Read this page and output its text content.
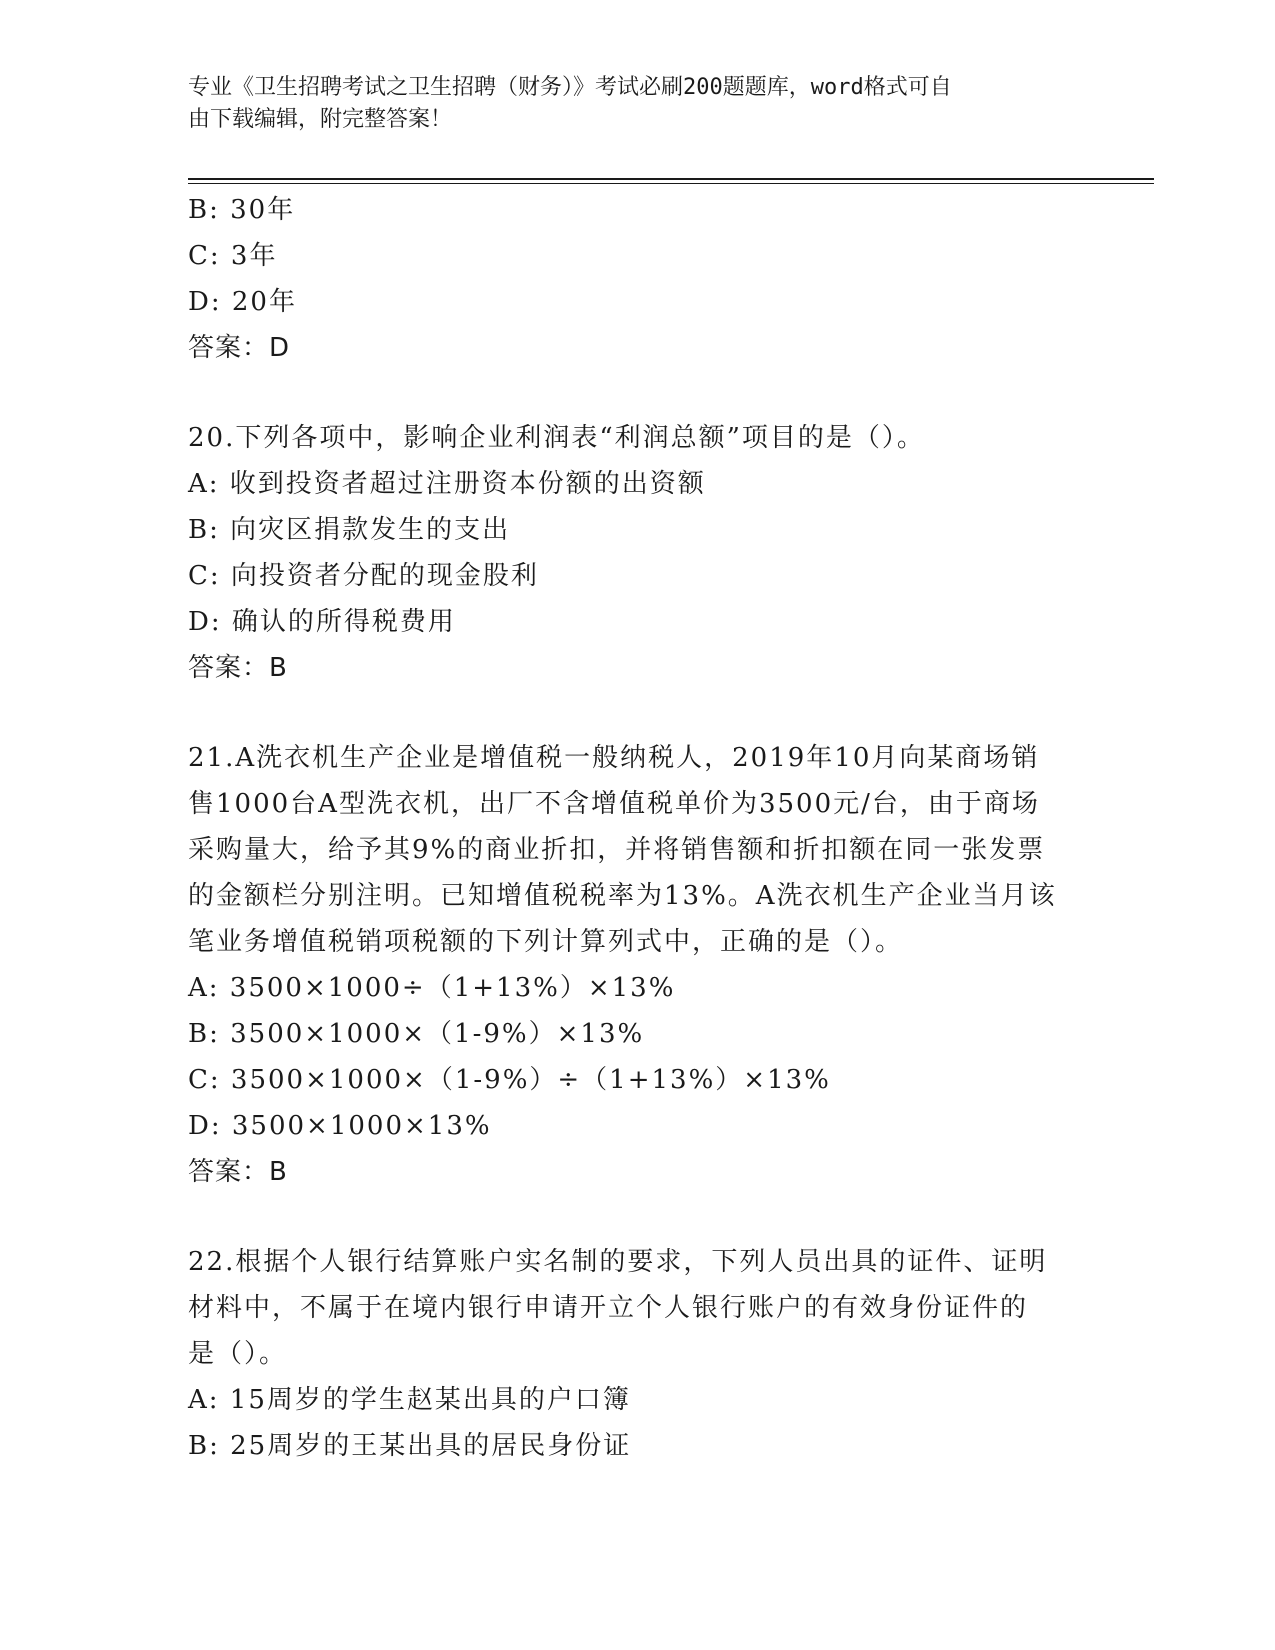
专业《卫生招聘考试之卫生招聘（财务）》考试必刷200题题库，word格式可自
由下载编辑，附完整答案！
B: 30年
C: 3年
D: 20年
答案：D
20.下列各项中，影响企业利润表“利润总额”项目的是（）。
A: 收到投资者超过注册资本份额的出资额
B: 向灾区捐款发生的支出
C: 向投资者分配的现金股利
D: 确认的所得税费用
答案：B
21.A洗衣机生产企业是增值税一般纳税人，2019年10月向某商场销
售1000台A型洗衣机，出厂不含增值税单价为3500元/台，由于商场
采购量大，给予其9%的商业折扣，并将销售额和折扣额在同一张发票
的金额栏分别注明。已知增值税税率为13%。A洗衣机生产企业当月该
笔业务增值税销项税额的下列计算列式中，正确的是（）。
A: 3500×1000÷（1+13%）×13%
B: 3500×1000×（1-9%）×13%
C: 3500×1000×（1-9%）÷（1+13%）×13%
D: 3500×1000×13%
答案：B
22.根据个人银行结算账户实名制的要求，下列人员出具的证件、证明
材料中，不属于在境内银行申请开立个人银行账户的有效身份证件的
是（）。
A: 15周岁的学生赵某出具的户口簿
B: 25周岁的王某出具的居民身份证
